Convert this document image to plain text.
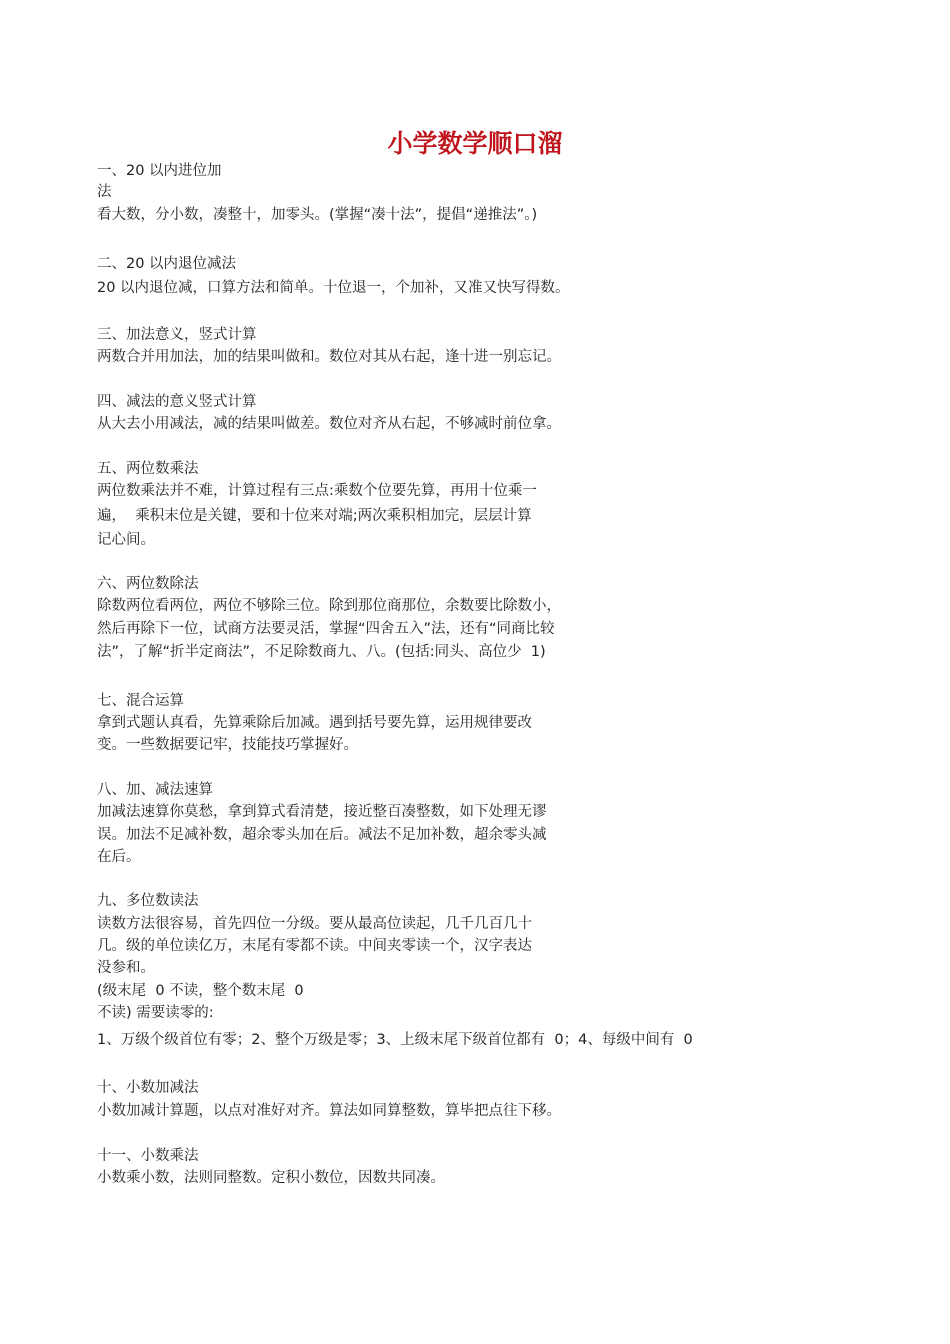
小学数学顺口溜
一、20 以内进位加
法
看大数，分小数，凑整十，加零头。(掌握“凑十法”，提倡“递推法”。)
二、20 以内退位减法
20 以内退位减，口算方法和简单。十位退一，个加补，又准又快写得数。
三、加法意义，竖式计算
两数合并用加法，加的结果叫做和。数位对其从右起，逢十进一别忘记。
四、减法的意义竖式计算
从大去小用减法，减的结果叫做差。数位对齐从右起，不够减时前位拿。
五、两位数乘法
两位数乘法并不难，计算过程有三点:乘数个位要先算，再用十位乘一
遍，  乘积末位是关键，要和十位来对端;两次乘积相加完，层层计算
记心间。
六、两位数除法
除数两位看两位，两位不够除三位。除到那位商那位，余数要比除数小，
然后再除下一位，试商方法要灵活，掌握“四舍五入”法，还有“同商比较
法”，了解“折半定商法”，不足除数商九、八。(包括:同头、高位少  1)
七、混合运算
拿到式题认真看，先算乘除后加减。遇到括号要先算，运用规律要改
变。一些数据要记牢，技能技巧掌握好。
八、加、减法速算
加减法速算你莫愁，拿到算式看清楚，接近整百凑整数，如下处理无谬
误。加法不足减补数，超余零头加在后。减法不足加补数，超余零头减
在后。
九、多位数读法
读数方法很容易，首先四位一分级。要从最高位读起，几千几百几十
几。级的单位读亿万，末尾有零都不读。中间夹零读一个，汉字表达
没参和。
(级末尾  0 不读，整个数末尾  0
不读) 需要读零的:
1、万级个级首位有零；2、整个万级是零；3、上级末尾下级首位都有  0；4、每级中间有  0
十、小数加减法
小数加减计算题，以点对准好对齐。算法如同算整数，算毕把点往下移。
十一、小数乘法
小数乘小数，法则同整数。定积小数位，因数共同凑。
